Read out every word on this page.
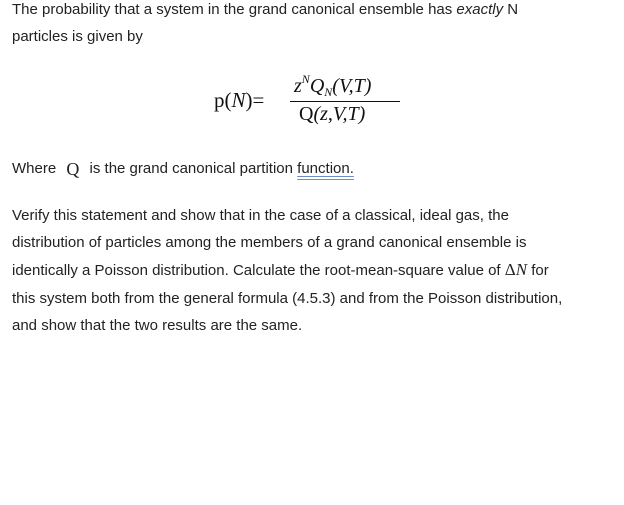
The probability that a system in the grand canonical ensemble has exactly N
particles is given by
p(N)=
$z^NQ_N(V,T)$
Q(z,V,T)
Where Q is the grand canonical partition function.
Verify this statement and show that in the case of a classical, ideal gas, the
distribution of particles among the members of a grand canonical ensemble is
identically a Poisson distribution. Calculate the root-mean-square value of ΔN for
this system both from the general formula (4.5.3) and from the Poisson distribution,
and show that the two results are the same.
